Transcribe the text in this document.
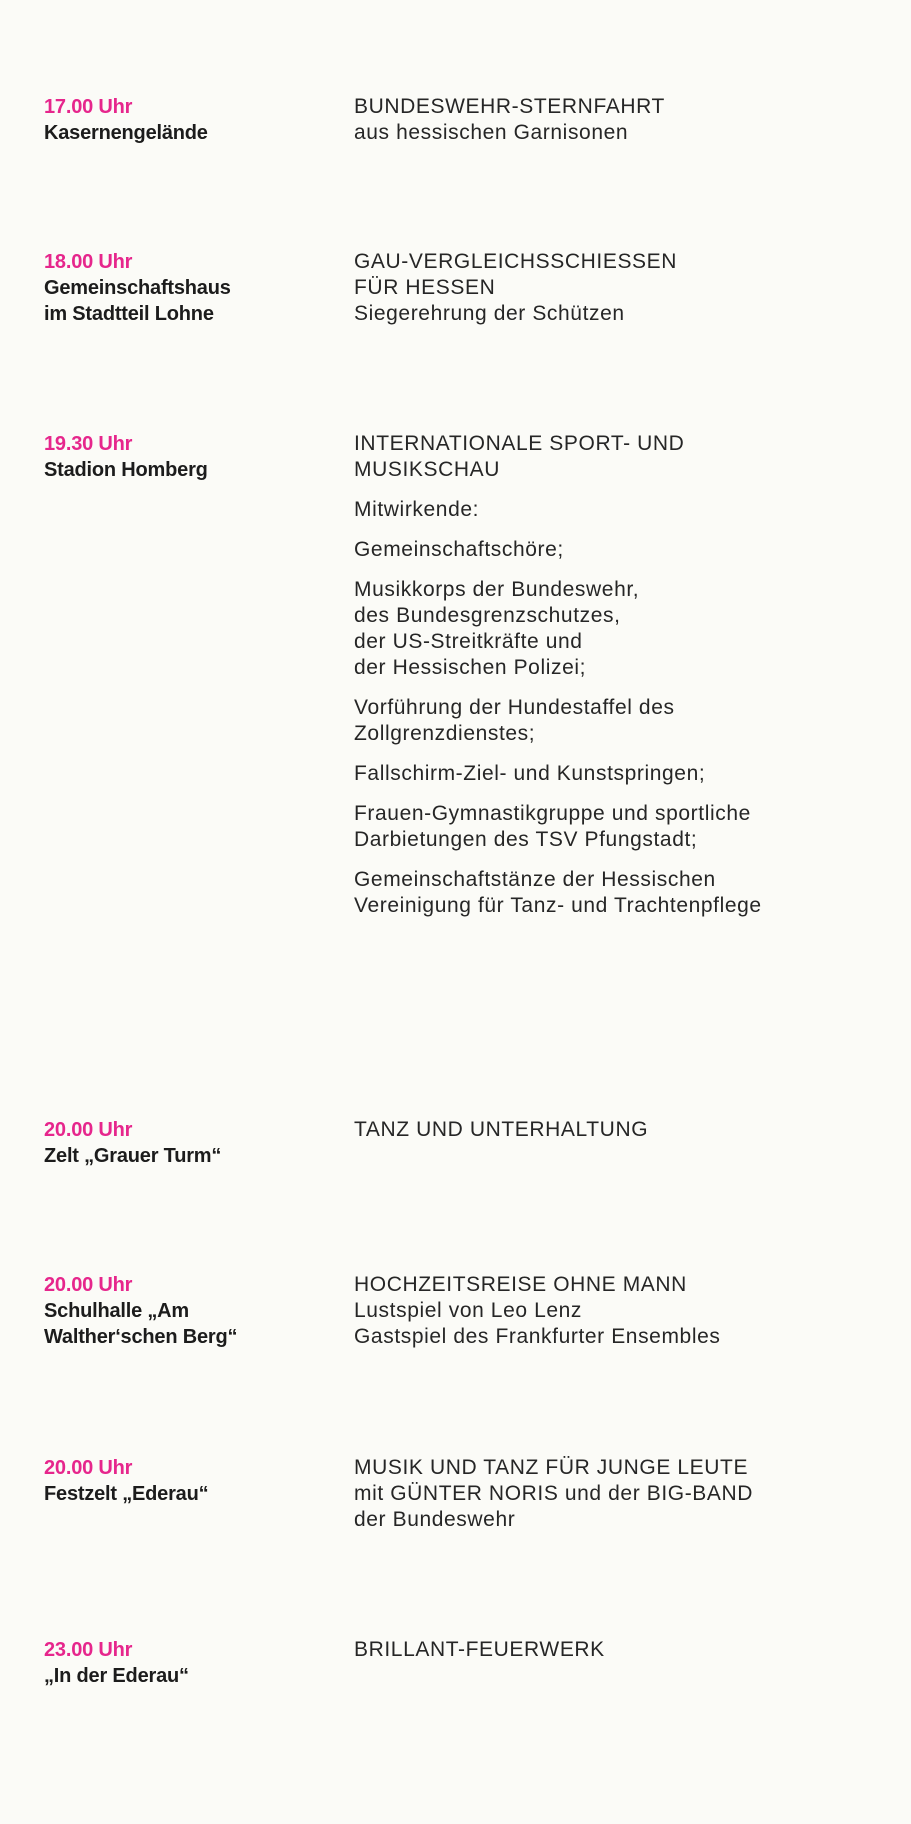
17.00 Uhr
Kasernengelände
BUNDESWEHR-STERNFAHRT
aus hessischen Garnisonen
18.00 Uhr
Gemeinschaftshaus
im Stadtteil Lohne
GAU-VERGLEICHSSCHIESSEN
FÜR HESSEN
Siegerehrung der Schützen
19.30 Uhr
Stadion Homberg
INTERNATIONALE SPORT- UND
MUSIKSCHAU
Mitwirkende:
Gemeinschaftschöre;
Musikkorps der Bundeswehr,
des Bundesgrenzschutzes,
der US-Streitkräfte und
der Hessischen Polizei;
Vorführung der Hundestaffel des
Zollgrenzdienstes;
Fallschirm-Ziel- und Kunstspringen;
Frauen-Gymnastikgruppe und sportliche
Darbietungen des TSV Pfungstadt;
Gemeinschaftstänze der Hessischen
Vereinigung für Tanz- und Trachtenpflege
20.00 Uhr
Zelt „Grauer Turm“
TANZ UND UNTERHALTUNG
20.00 Uhr
Schulhalle „Am
Walther‘schen Berg“
HOCHZEITSREISE OHNE MANN
Lustspiel von Leo Lenz
Gastspiel des Frankfurter Ensembles
20.00 Uhr
Festzelt „Ederau“
MUSIK UND TANZ FÜR JUNGE LEUTE
mit GÜNTER NORIS und der BIG-BAND
der Bundeswehr
23.00 Uhr
„In der Ederau“
BRILLANT-FEUERWERK
